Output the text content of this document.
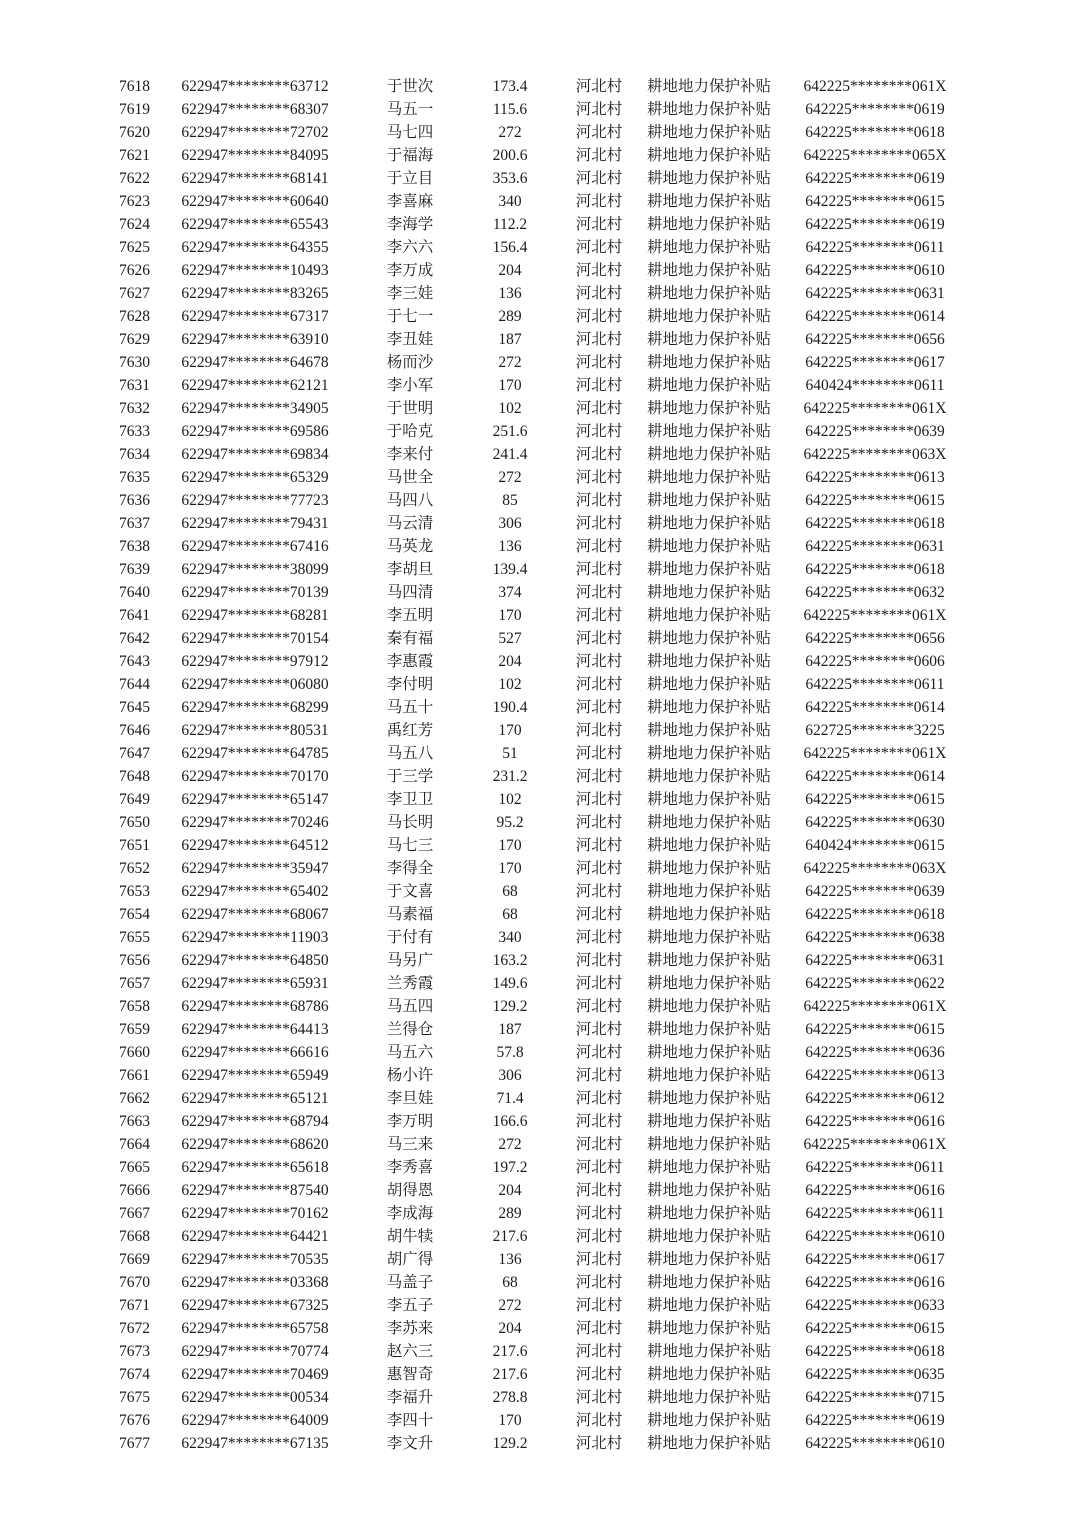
7618	622947********63712	于世次	173.4	河北村	耕地地力保护补贴	642225********061X
7619	622947********68307	马五一	115.6	河北村	耕地地力保护补贴	642225********0619
7620	622947********72702	马七四	272	河北村	耕地地力保护补贴	642225********0618
7621	622947********84095	于福海	200.6	河北村	耕地地力保护补贴	642225********065X
7622	622947********68141	于立目	353.6	河北村	耕地地力保护补贴	642225********0619
7623	622947********60640	李喜麻	340	河北村	耕地地力保护补贴	642225********0615
7624	622947********65543	李海学	112.2	河北村	耕地地力保护补贴	642225********0619
7625	622947********64355	李六六	156.4	河北村	耕地地力保护补贴	642225********0611
7626	622947********10493	李万成	204	河北村	耕地地力保护补贴	642225********0610
7627	622947********83265	李三娃	136	河北村	耕地地力保护补贴	642225********0631
7628	622947********67317	于七一	289	河北村	耕地地力保护补贴	642225********0614
7629	622947********63910	李丑娃	187	河北村	耕地地力保护补贴	642225********0656
7630	622947********64678	杨而沙	272	河北村	耕地地力保护补贴	642225********0617
7631	622947********62121	李小军	170	河北村	耕地地力保护补贴	640424********0611
7632	622947********34905	于世明	102	河北村	耕地地力保护补贴	642225********061X
7633	622947********69586	于哈克	251.6	河北村	耕地地力保护补贴	642225********0639
7634	622947********69834	李来付	241.4	河北村	耕地地力保护补贴	642225********063X
7635	622947********65329	马世全	272	河北村	耕地地力保护补贴	642225********0613
7636	622947********77723	马四八	85	河北村	耕地地力保护补贴	642225********0615
7637	622947********79431	马云清	306	河北村	耕地地力保护补贴	642225********0618
7638	622947********67416	马英龙	136	河北村	耕地地力保护补贴	642225********0631
7639	622947********38099	李胡旦	139.4	河北村	耕地地力保护补贴	642225********0618
7640	622947********70139	马四清	374	河北村	耕地地力保护补贴	642225********0632
7641	622947********68281	李五明	170	河北村	耕地地力保护补贴	642225********061X
7642	622947********70154	秦有福	527	河北村	耕地地力保护补贴	642225********0656
7643	622947********97912	李惠霞	204	河北村	耕地地力保护补贴	642225********0606
7644	622947********06080	李付明	102	河北村	耕地地力保护补贴	642225********0611
7645	622947********68299	马五十	190.4	河北村	耕地地力保护补贴	642225********0614
7646	622947********80531	禹红芳	170	河北村	耕地地力保护补贴	622725********3225
7647	622947********64785	马五八	51	河北村	耕地地力保护补贴	642225********061X
7648	622947********70170	于三学	231.2	河北村	耕地地力保护补贴	642225********0614
7649	622947********65147	李卫卫	102	河北村	耕地地力保护补贴	642225********0615
7650	622947********70246	马长明	95.2	河北村	耕地地力保护补贴	642225********0630
7651	622947********64512	马七三	170	河北村	耕地地力保护补贴	640424********0615
7652	622947********35947	李得全	170	河北村	耕地地力保护补贴	642225********063X
7653	622947********65402	于文喜	68	河北村	耕地地力保护补贴	642225********0639
7654	622947********68067	马素福	68	河北村	耕地地力保护补贴	642225********0618
7655	622947********11903	于付有	340	河北村	耕地地力保护补贴	642225********0638
7656	622947********64850	马另广	163.2	河北村	耕地地力保护补贴	642225********0631
7657	622947********65931	兰秀霞	149.6	河北村	耕地地力保护补贴	642225********0622
7658	622947********68786	马五四	129.2	河北村	耕地地力保护补贴	642225********061X
7659	622947********64413	兰得仓	187	河北村	耕地地力保护补贴	642225********0615
7660	622947********66616	马五六	57.8	河北村	耕地地力保护补贴	642225********0636
7661	622947********65949	杨小许	306	河北村	耕地地力保护补贴	642225********0613
7662	622947********65121	李旦娃	71.4	河北村	耕地地力保护补贴	642225********0612
7663	622947********68794	李万明	166.6	河北村	耕地地力保护补贴	642225********0616
7664	622947********68620	马三来	272	河北村	耕地地力保护补贴	642225********061X
7665	622947********65618	李秀喜	197.2	河北村	耕地地力保护补贴	642225********0611
7666	622947********87540	胡得恩	204	河北村	耕地地力保护补贴	642225********0616
7667	622947********70162	李成海	289	河北村	耕地地力保护补贴	642225********0611
7668	622947********64421	胡牛犊	217.6	河北村	耕地地力保护补贴	642225********0610
7669	622947********70535	胡广得	136	河北村	耕地地力保护补贴	642225********0617
7670	622947********03368	马盖子	68	河北村	耕地地力保护补贴	642225********0616
7671	622947********67325	李五子	272	河北村	耕地地力保护补贴	642225********0633
7672	622947********65758	李苏来	204	河北村	耕地地力保护补贴	642225********0615
7673	622947********70774	赵六三	217.6	河北村	耕地地力保护补贴	642225********0618
7674	622947********70469	惠智奇	217.6	河北村	耕地地力保护补贴	642225********0635
7675	622947********00534	李福升	278.8	河北村	耕地地力保护补贴	642225********0715
7676	622947********64009	李四十	170	河北村	耕地地力保护补贴	642225********0619
7677	622947********67135	李文升	129.2	河北村	耕地地力保护补贴	642225********0610
